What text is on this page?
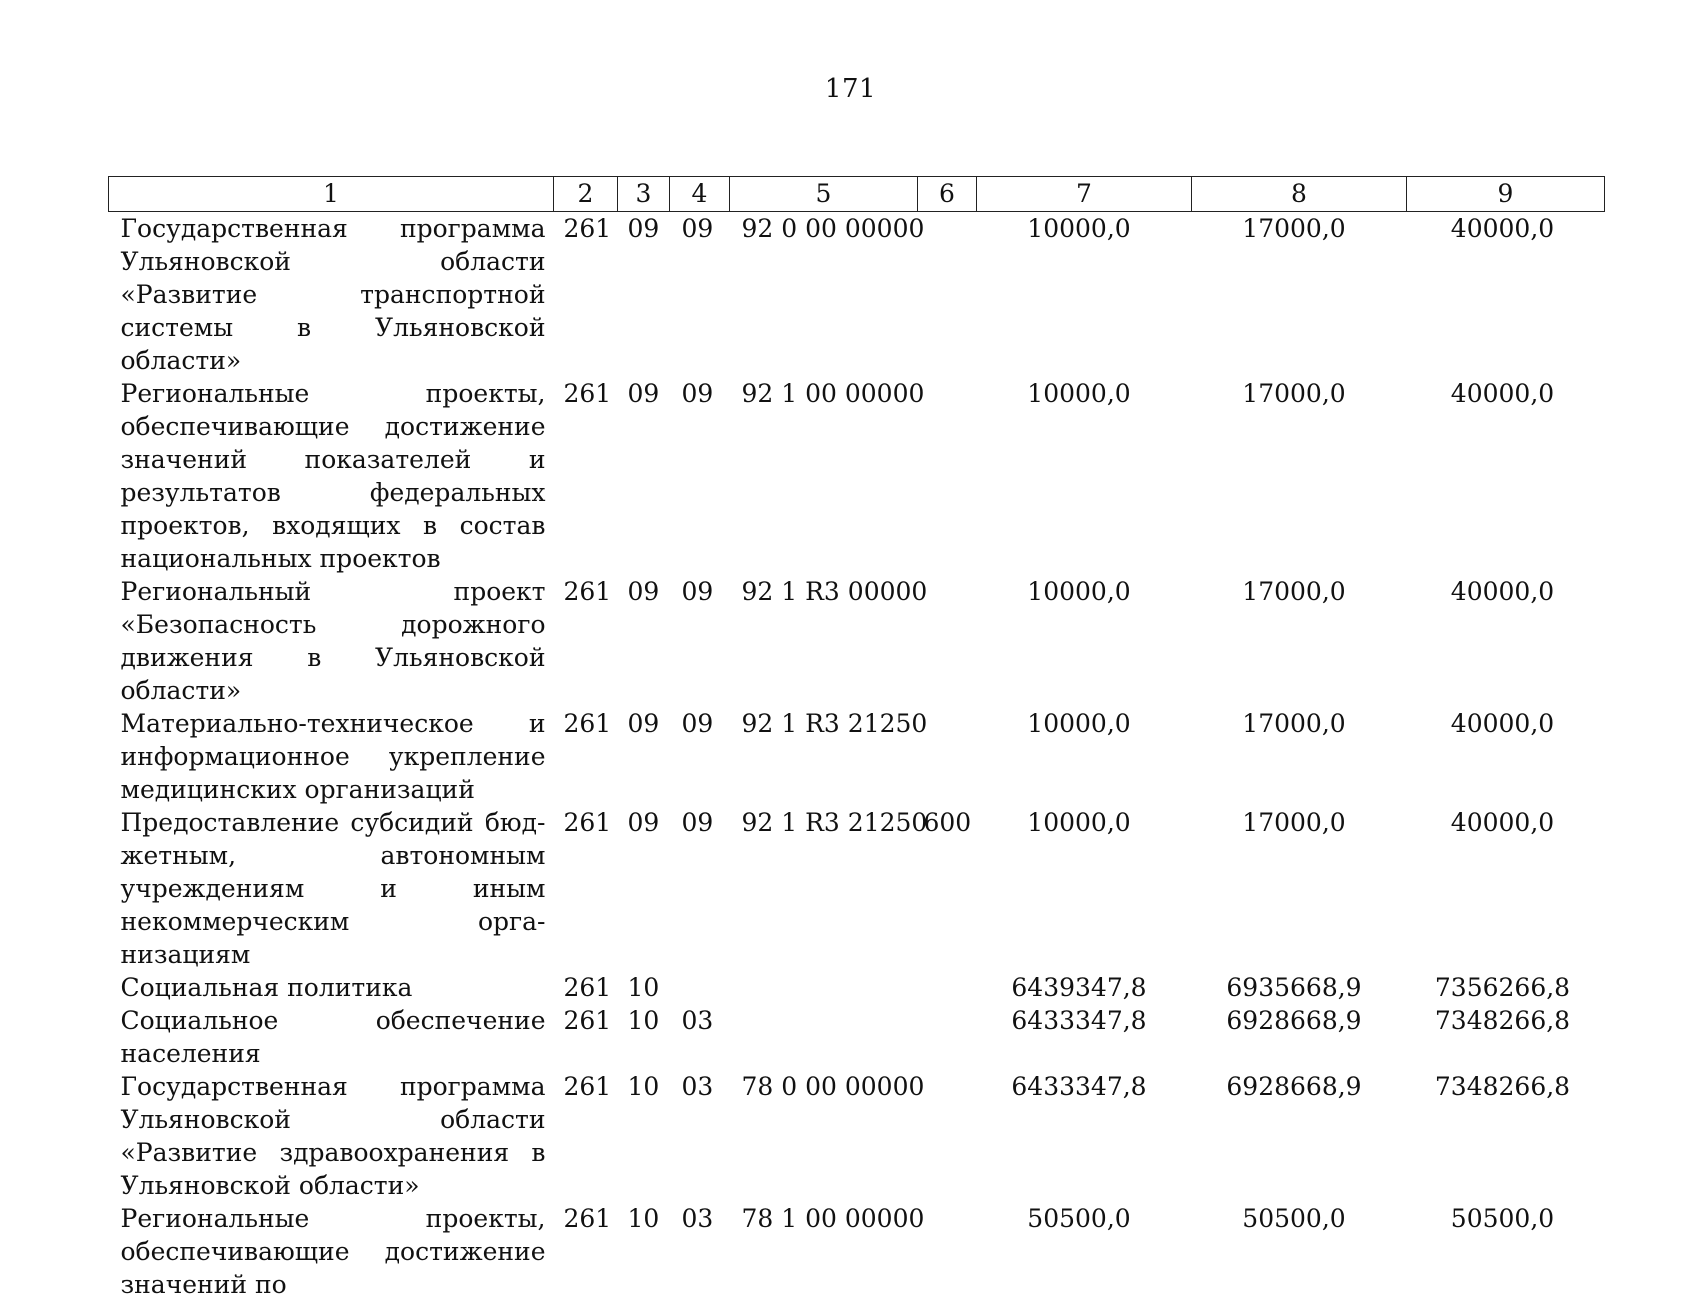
171
1	2	3	4	5	6	7	8	9
Государственная программа Ульяновской области «Развитие транспортной системы в Ульяновской области»	261	09	09	92 0 00 00000		10000,0	17000,0	40000,0
Региональные проекты, обеспечивающие достижение значений показателей и результатов федеральных проектов, входящих в состав национальных проектов	261	09	09	92 1 00 00000		10000,0	17000,0	40000,0
Региональный проект «Безопасность дорожного движения в Ульяновской области»	261	09	09	92 1 R3 00000		10000,0	17000,0	40000,0
Материально-техническое и информационное укрепление медицинских организаций	261	09	09	92 1 R3 21250		10000,0	17000,0	40000,0
Предоставление субсидий бюджетным, автономным учреждениям и иным некоммерческим организациям	261	09	09	92 1 R3 21250	600	10000,0	17000,0	40000,0
Социальная политика	261	10				6439347,8	6935668,9	7356266,8
Социальное обеспечение населения	261	10	03			6433347,8	6928668,9	7348266,8
Государственная программа Ульяновской области «Развитие здравоохранения в Ульяновской области»	261	10	03	78 0 00 00000		6433347,8	6928668,9	7348266,8
Региональные проекты, обеспечивающие достижение значений по	261	10	03	78 1 00 00000		50500,0	50500,0	50500,0
